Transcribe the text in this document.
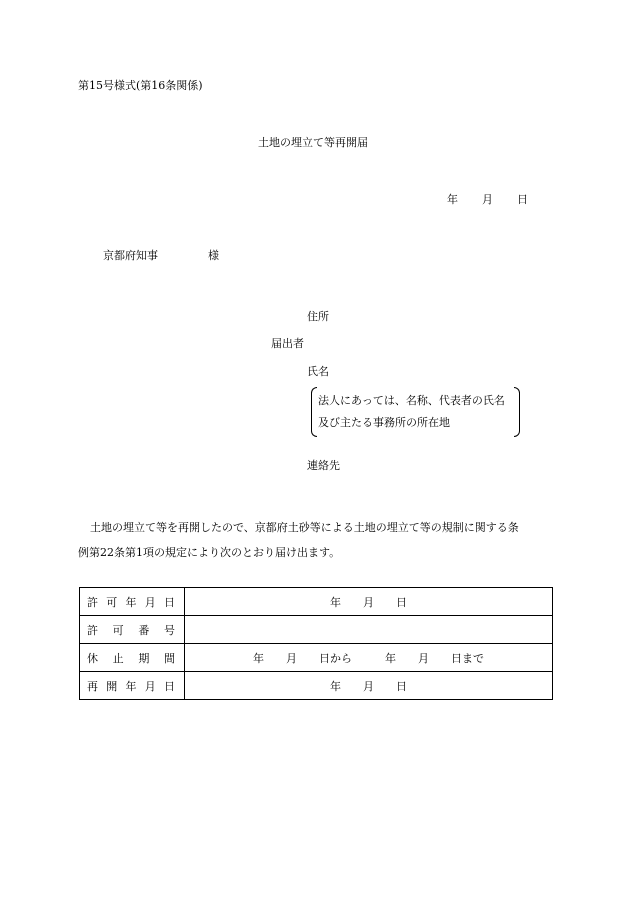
第15号様式(第16条関係)
土地の埋立て等再開届
年 月 日
京都府知事	様
住所
届出者
氏名
法人にあっては、名称、代表者の氏名
及び主たる事務所の所在地
連絡先
土地の埋立て等を再開したので、京都府土砂等による土地の埋立て等の規制に関する条
例第22条第1項の規定により次のとおり届け出ます。
許 可 年 月 日	年　　月　　日

許 可 番 号	

休 止 期 間	年　　月　　日から　　　年　　月　　日まで

再 開 年 月 日	年　　月　　日
